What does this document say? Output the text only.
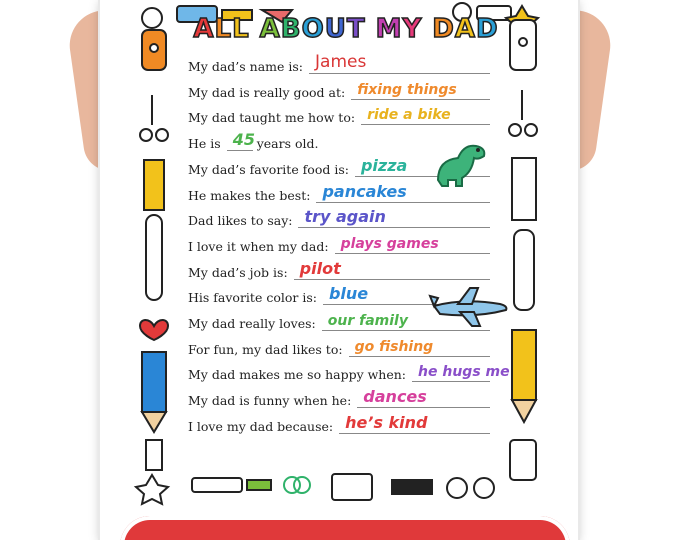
ALL ABOUT MY DAD
My dad’s name is: James
My dad is really good at: fixing things
My dad taught me how to: ride a bike
He is 45 years old.
My dad’s favorite food is: pizza
He makes the best: pancakes
Dad likes to say: try again
I love it when my dad: plays games
My dad’s job is: pilot
His favorite color is: blue
My dad really loves: our family
For fun, my dad likes to: go fishing
My dad makes me so happy when: he hugs me
My dad is funny when he: dances
I love my dad because: he’s kind
